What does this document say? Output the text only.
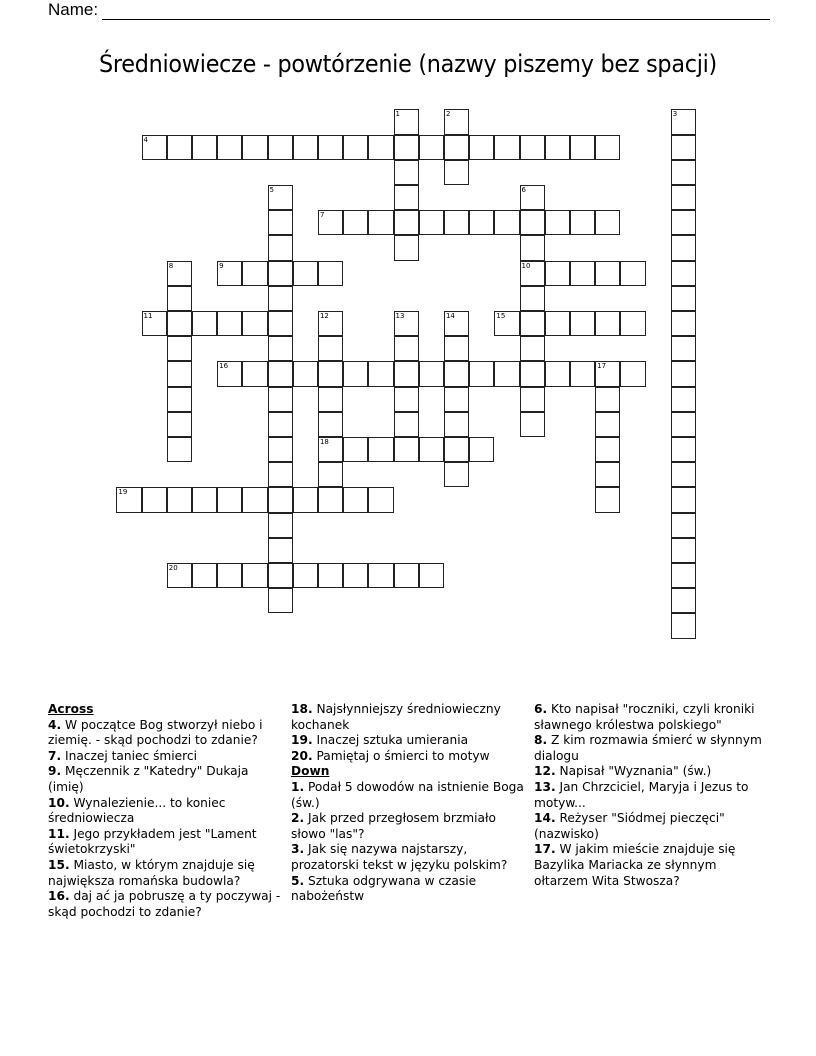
Name:
Średniowiecze - powtórzenie (nazwy piszemy bez spacji)
1	2	3
4
5	6
10
7
8	9
11	12
18
13	14	15
16	17
19
20
Across
4. W początce Bog stworzył niebo i ziemię. - skąd pochodzi to zdanie?
7. Inaczej taniec śmierci
9. Męczennik z "Katedry" Dukaja (imię)
10. Wynalezienie... to koniec średniowiecza
11. Jego przykładem jest "Lament świetokrzyski"
15. Miasto, w którym znajduje się największa romańska budowla?
16. daj ać ja pobruszę a ty poczywaj - skąd pochodzi to zdanie?
18. Najsłynniejszy średniowieczny kochanek
19. Inaczej sztuka umierania
20. Pamiętaj o śmierci to motyw
Down
1. Podał 5 dowodów na istnienie Boga (św.)
2. Jak przed przegłosem brzmiało słowo "las"?
3. Jak się nazywa najstarszy, prozatorski tekst w języku polskim?
5. Sztuka odgrywana w czasie nabożeństw
6. Kto napisał "roczniki, czyli kroniki sławnego królestwa polskiego"
8. Z kim rozmawia śmierć w słynnym dialogu
12. Napisał "Wyznania" (św.)
13. Jan Chrzciciel, Maryja i Jezus to motyw...
14. Reżyser "Siódmej pieczęci" (nazwisko)
17. W jakim mieście znajduje się Bazylika Mariacka ze słynnym ołtarzem Wita Stwosza?
